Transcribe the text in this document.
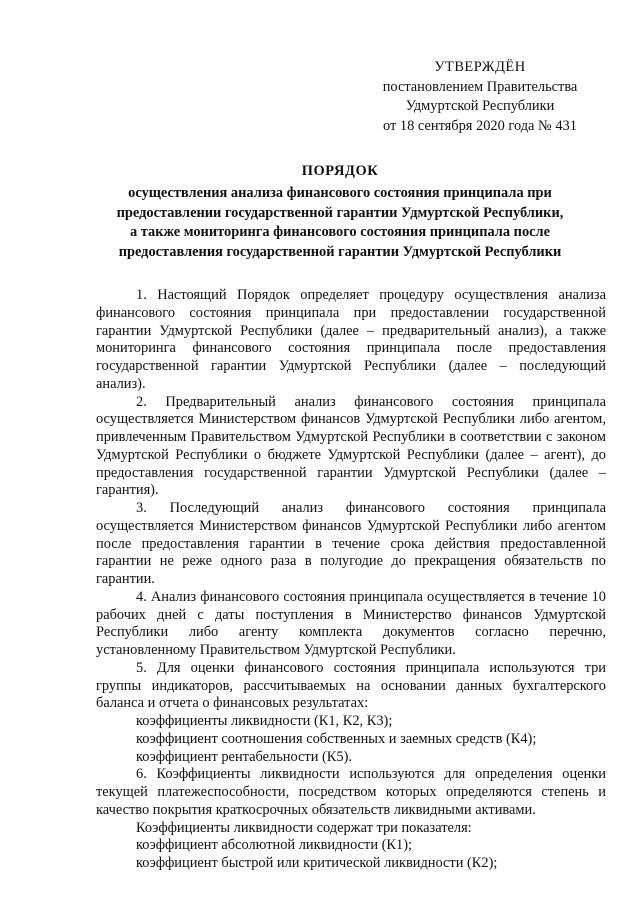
УТВЕРЖДЁН
постановлением Правительства
Удмуртской Республики
от 18 сентября 2020 года № 431
ПОРЯДОК
осуществления анализа финансового состояния принципала при
предоставлении государственной гарантии Удмуртской Республики,
а также мониторинга финансового состояния принципала после
предоставления государственной гарантии Удмуртской Республики

1. Настоящий Порядок определяет процедуру осуществления анализа финансового состояния принципала при предоставлении государственной гарантии Удмуртской Республики (далее – предварительный анализ), а также мониторинга финансового состояния принципала после предоставления государственной гарантии Удмуртской Республики (далее – последующий анализ).

2. Предварительный анализ финансового состояния принципала осуществляется Министерством финансов Удмуртской Республики либо агентом, привлеченным Правительством Удмуртской Республики в соответствии с законом Удмуртской Республики о бюджете Удмуртской Республики (далее – агент), до предоставления государственной гарантии Удмуртской Республики (далее – гарантия).

3. Последующий анализ финансового состояния принципала осуществляется Министерством финансов Удмуртской Республики либо агентом после предоставления гарантии в течение срока действия предоставленной гарантии не реже одного раза в полугодие до прекращения обязательств по гарантии.

4. Анализ финансового состояния принципала осуществляется в течение 10 рабочих дней с даты поступления в Министерство финансов Удмуртской Республики либо агенту комплекта документов согласно перечню, установленному Правительством Удмуртской Республики.

5. Для оценки финансового состояния принципала используются три группы индикаторов, рассчитываемых на основании данных бухгалтерского баланса и отчета о финансовых результатах:

коэффициенты ликвидности (К1, К2, К3);

коэффициент соотношения собственных и заемных средств (К4);

коэффициент рентабельности (К5).

6. Коэффициенты ликвидности используются для определения оценки текущей платежеспособности, посредством которых определяются степень и качество покрытия краткосрочных обязательств ликвидными активами.

Коэффициенты ликвидности содержат три показателя:

коэффициент абсолютной ликвидности (К1);

коэффициент быстрой или критической ликвидности (К2);
